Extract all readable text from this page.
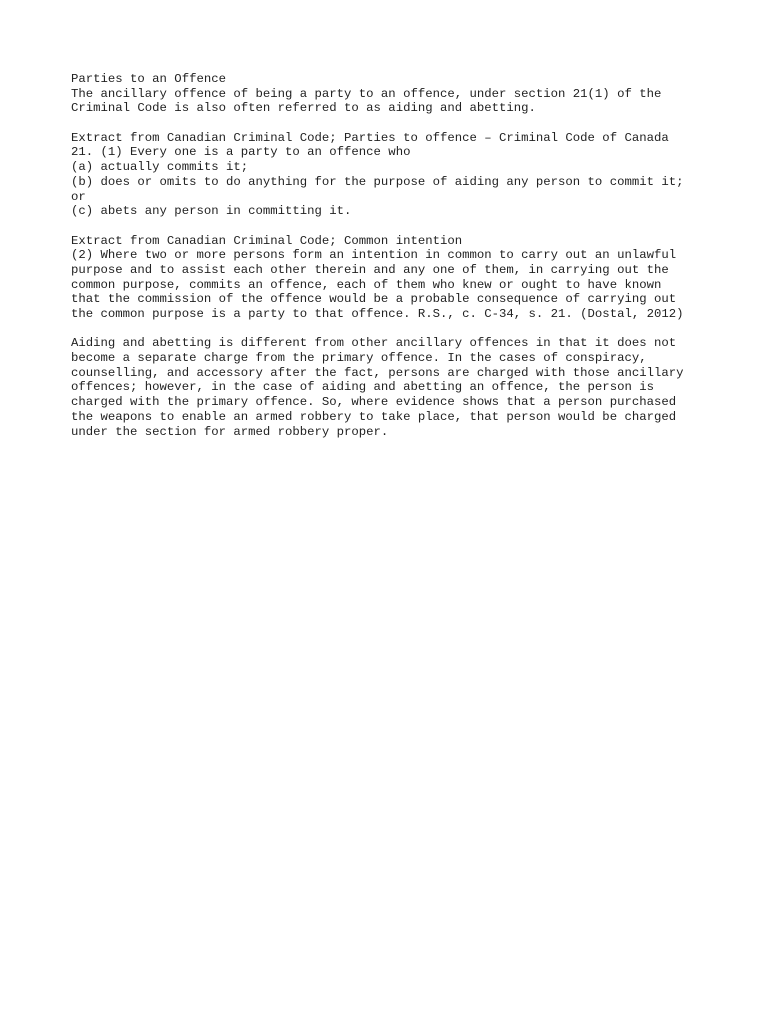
Parties to an Offence
The ancillary offence of being a party to an offence, under section 21(1) of the
Criminal Code is also often referred to as aiding and abetting.
Extract from Canadian Criminal Code; Parties to offence – Criminal Code of Canada
21. (1) Every one is a party to an offence who
(a) actually commits it;
(b) does or omits to do anything for the purpose of aiding any person to commit it;
or
(c) abets any person in committing it.
Extract from Canadian Criminal Code; Common intention
(2) Where two or more persons form an intention in common to carry out an unlawful
purpose and to assist each other therein and any one of them, in carrying out the
common purpose, commits an offence, each of them who knew or ought to have known
that the commission of the offence would be a probable consequence of carrying out
the common purpose is a party to that offence. R.S., c. C-34, s. 21. (Dostal, 2012)
Aiding and abetting is different from other ancillary offences in that it does not
become a separate charge from the primary offence. In the cases of conspiracy,
counselling, and accessory after the fact, persons are charged with those ancillary
offences; however, in the case of aiding and abetting an offence, the person is
charged with the primary offence. So, where evidence shows that a person purchased
the weapons to enable an armed robbery to take place, that person would be charged
under the section for armed robbery proper.
